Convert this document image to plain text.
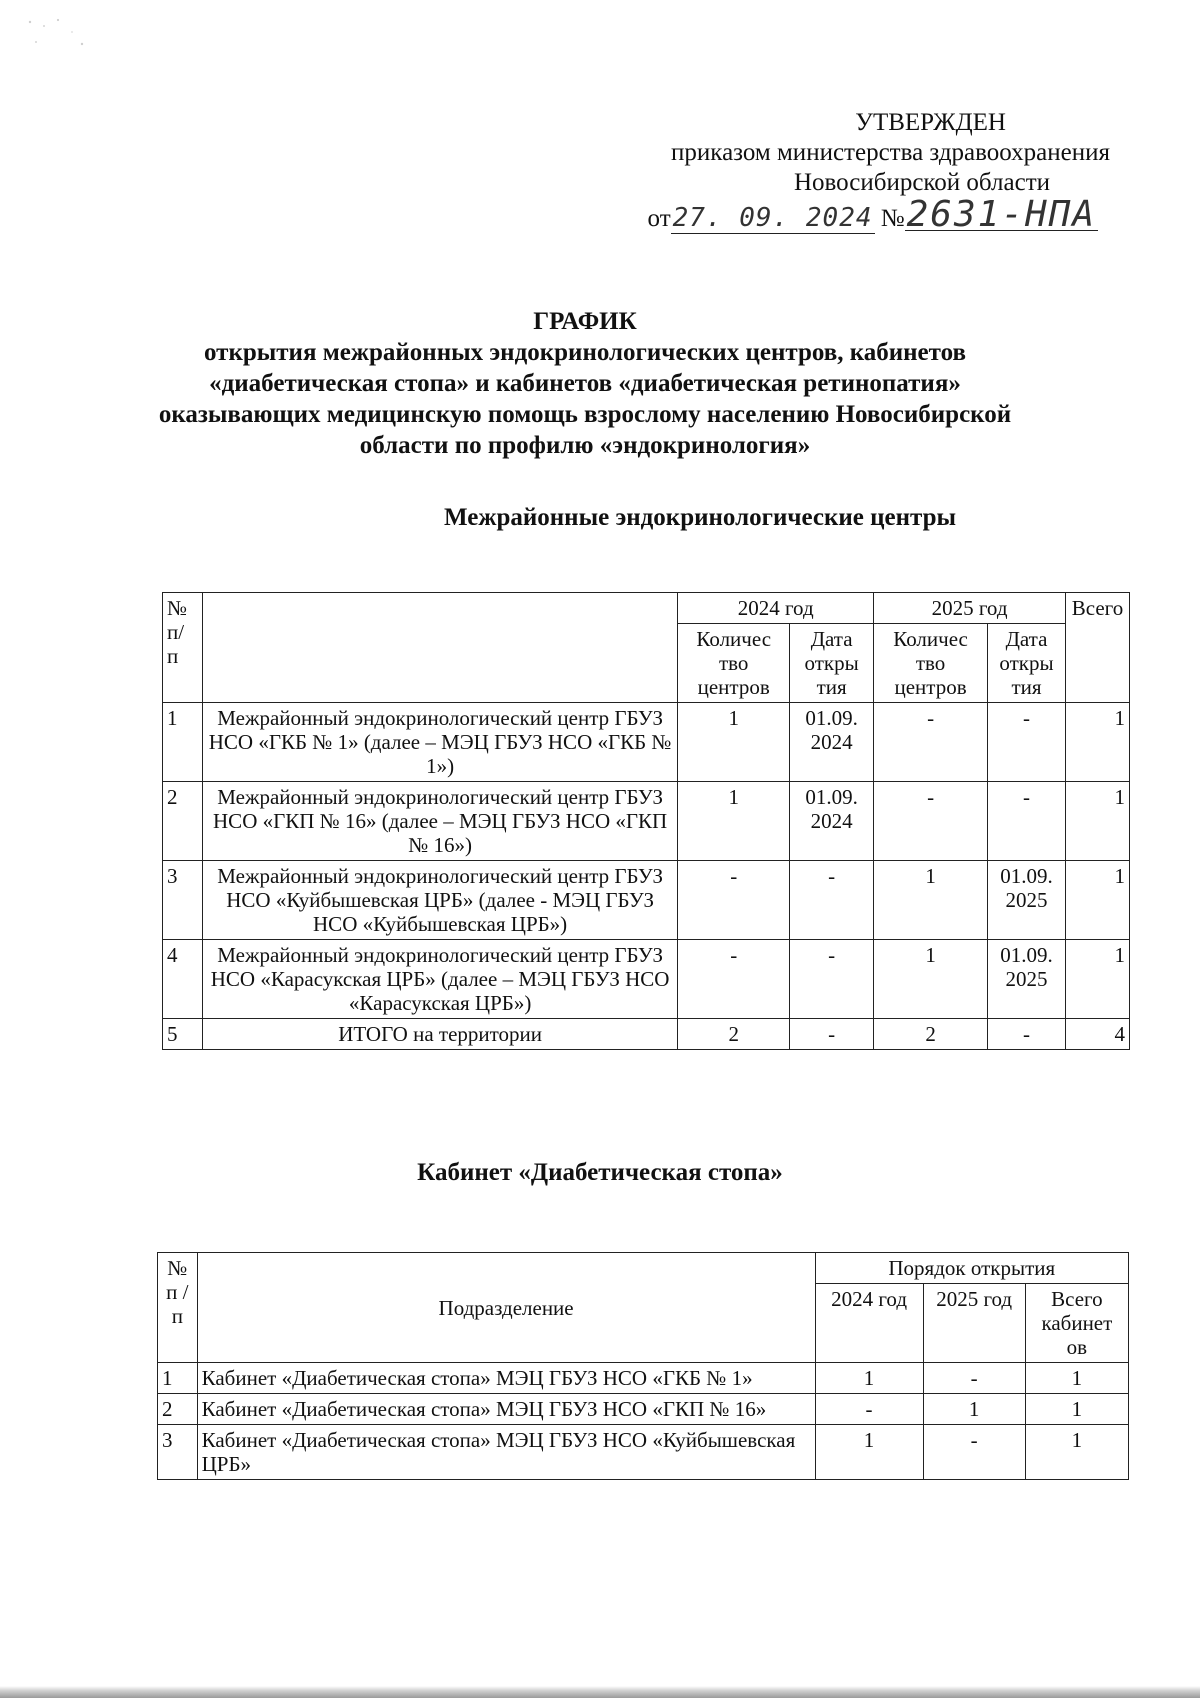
УТВЕРЖДЕН
приказом министерства здравоохранения
Новосибирской области
от27. 09. 2024 №2631-НПА
ГРАФИК
открытия межрайонных эндокринологических центров, кабинетов
«диабетическая стопа» и кабинетов «диабетическая ретинопатия»
оказывающих медицинскую помощь взрослому населению Новосибирской
области по профилю «эндокринология»
Межрайонные эндокринологические центры
№ п/ п		2024 год		2025 год		Всего
		Количес тво центров	Дата откры тия	Количес тво центров	Дата откры тия	
1	Межрайонный эндокринологический центр ГБУЗ НСО «ГКБ № 1» (далее – МЭЦ ГБУЗ НСО «ГКБ № 1»)	1	01.09. 2024	-	-	1
2	Межрайонный эндокринологический центр ГБУЗ НСО «ГКП № 16» (далее – МЭЦ ГБУЗ НСО «ГКП № 16»)	1	01.09. 2024	-	-	1
3	Межрайонный эндокринологический центр ГБУЗ НСО «Куйбышевская ЦРБ» (далее - МЭЦ ГБУЗ НСО «Куйбышевская ЦРБ»)	-	-	1	01.09. 2025	1
4	Межрайонный эндокринологический центр ГБУЗ НСО «Карасукская ЦРБ» (далее – МЭЦ ГБУЗ НСО «Карасукская ЦРБ»)	-	-	1	01.09. 2025	1
5	ИТОГО на территории	2	-	2	-	4
Кабинет «Диабетическая стопа»
№ п /п	Подразделение	Порядок открытия		
		2024 год	2025 год	Всего кабинет ов
1	Кабинет «Диабетическая стопа» МЭЦ ГБУЗ НСО «ГКБ № 1»	1	-	1
2	Кабинет «Диабетическая стопа» МЭЦ ГБУЗ НСО «ГКП № 16»	-	1	1
3	Кабинет «Диабетическая стопа» МЭЦ ГБУЗ НСО «Куйбышевская ЦРБ»	1	-	1
